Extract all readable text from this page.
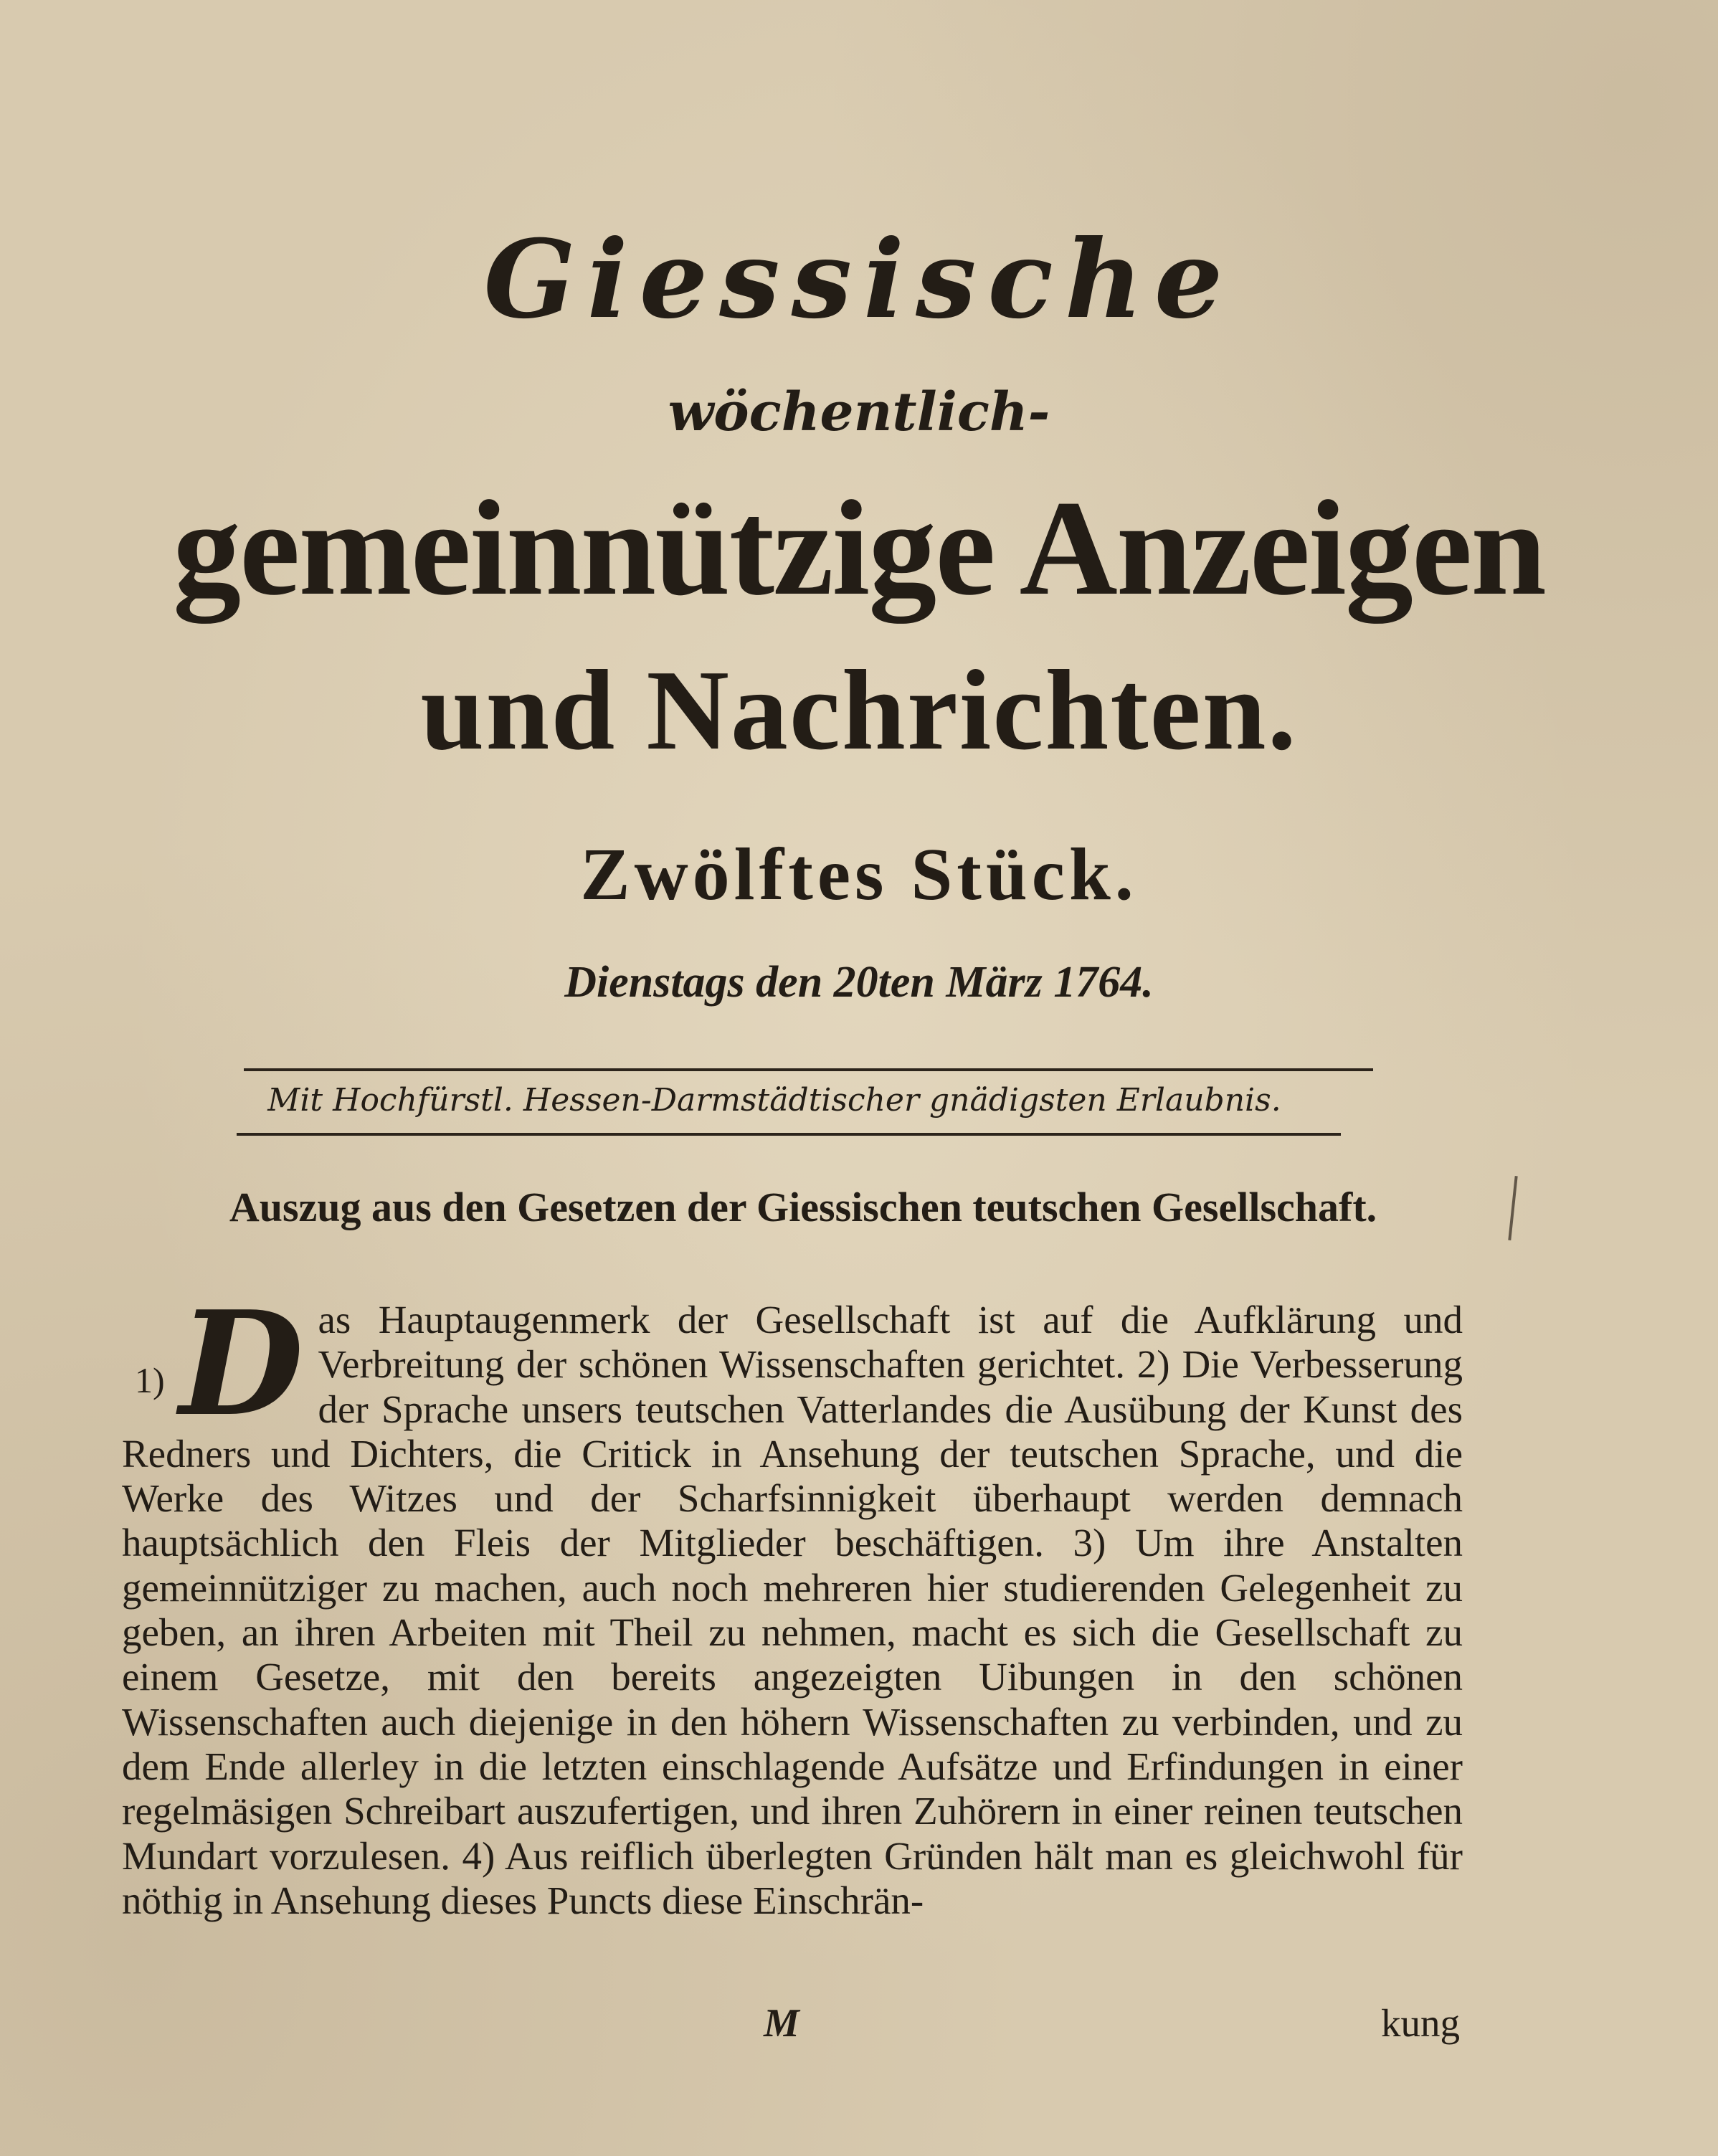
Giessische
wöchentlich-
gemeinnützige Anzeigen
und Nachrichten.
Zwölftes Stück.
Dienstags den 20ten März 1764.
Mit Hochfürstl. Hessen-Darmstädtischer gnädigsten Erlaubnis.
Auszug aus den Gesetzen der Giessischen teutschen Gesellschaft.
1) D as Hauptaugenmerk der Gesellschaft ist auf die Aufklärung und Verbreitung der schönen Wissenschaften gerichtet. 2) Die Verbesserung der Sprache unsers teutschen Vatterlandes die Ausübung der Kunst des Redners und Dichters, die Critick in Ansehung der teutschen Sprache, und die Werke des Witzes und der Scharfsinnigkeit überhaupt werden demnach hauptsächlich den Fleis der Mitglieder beschäftigen. 3) Um ihre Anstalten gemeinnütziger zu machen, auch noch mehreren hier studierenden Gelegenheit zu geben, an ihren Arbeiten mit Theil zu nehmen, macht es sich die Gesellschaft zu einem Gesetze, mit den bereits angezeigten Uibungen in den schönen Wissenschaften auch diejenige in den höhern Wissenschaften zu verbinden, und zu dem Ende allerley in die letzten einschlagende Aufsätze und Erfindungen in einer regelmäsigen Schreibart auszufertigen, und ihren Zuhörern in einer reinen teutschen Mundart vorzulesen. 4) Aus reiflich überlegten Gründen hält man es gleichwohl für nöthig in Ansehung dieses Puncts diese Einschrän-

M	kung
